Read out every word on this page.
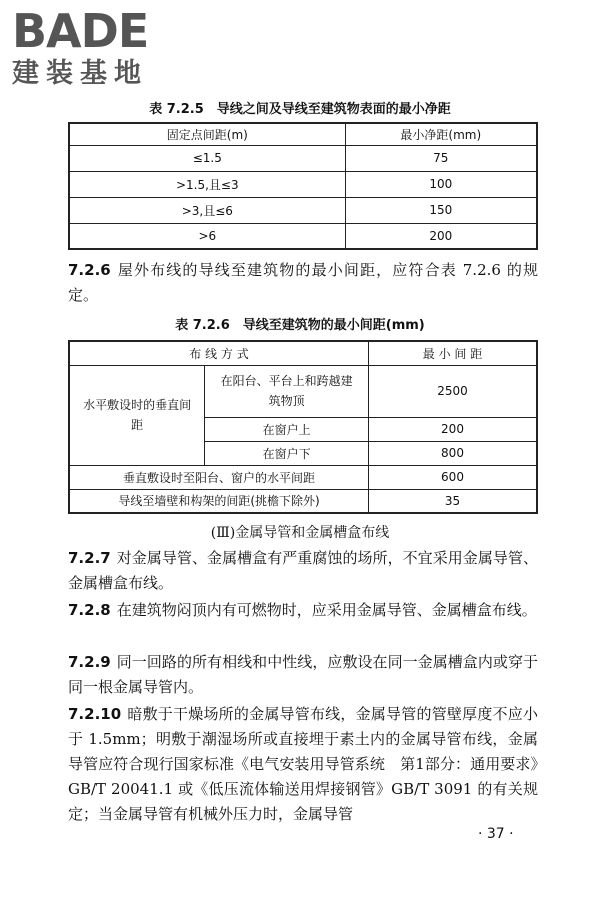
BADE
建装基地
表 7.2.5　导线之间及导线至建筑物表面的最小净距
固定点间距(m)	最小净距(mm)
≤1.5	75
>1.5,且≤3	100
>3,且≤6	150
>6	200
7.2.6 屋外布线的导线至建筑物的最小间距，应符合表 7.2.6 的规定。
表 7.2.6　导线至建筑物的最小间距(mm)
布 线 方 式		最 小 间 距
水平敷设时的垂直间距	在阳台、平台上和跨越建筑物顶	2500
	在窗户上	200
	在窗户下	800
垂直敷设时至阳台、窗户的水平间距		600
导线至墙壁和构架的间距(挑檐下除外)		35
(Ⅲ)金属导管和金属槽盒布线
7.2.7 对金属导管、金属槽盒有严重腐蚀的场所，不宜采用金属导管、金属槽盒布线。
7.2.8 在建筑物闷顶内有可燃物时，应采用金属导管、金属槽盒布线。
7.2.9 同一回路的所有相线和中性线，应敷设在同一金属槽盒内或穿于同一根金属导管内。
7.2.10 暗敷于干燥场所的金属导管布线，金属导管的管壁厚度不应小于 1.5mm；明敷于潮湿场所或直接埋于素土内的金属导管布线，金属导管应符合现行国家标准《电气安装用导管系统　第1部分：通用要求》GB/T 20041.1 或《低压流体输送用焊接钢管》GB/T 3091 的有关规定；当金属导管有机械外压力时，金属导管
· 37 ·
